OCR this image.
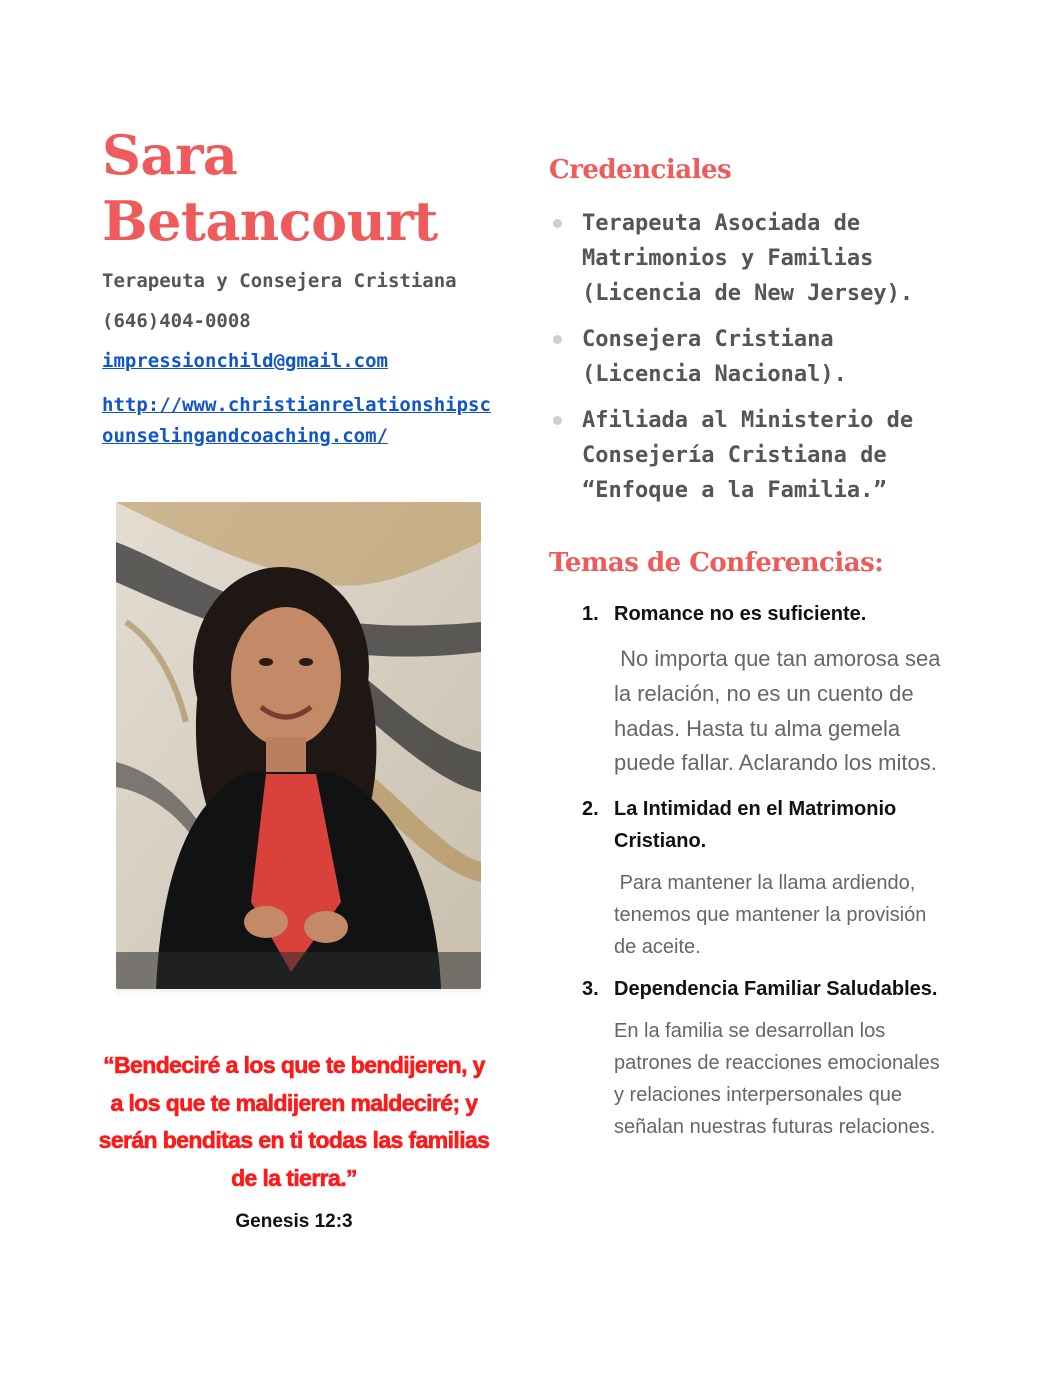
Sara
Betancourt
Terapeuta y Consejera Cristiana
(646)404-0008
impressionchild@gmail.com
http://www.christianrelationshipscounselingandcoaching.com/
“Bendeciré a los que te bendijeren, y a los que te maldijeren maldeciré; y serán benditas en ti todas las familias de la tierra.”
Genesis 12:3
Credenciales
Terapeuta Asociada de Matrimonios y Familias (Licencia de New Jersey).
Consejera Cristiana (Licencia Nacional).
Afiliada al Ministerio de Consejería Cristiana de “Enfoque a la Familia.”
Temas de Conferencias:
1. Romance no es suficiente.
No importa que tan amorosa sea la relación, no es un cuento de hadas. Hasta tu alma gemela puede fallar. Aclarando los mitos.
2. La Intimidad en el Matrimonio Cristiano.
Para mantener la llama ardiendo, tenemos que mantener la provisión de aceite.
3. Dependencia Familiar Saludables.
En la familia se desarrollan los patrones de reacciones emocionales y relaciones interpersonales que señalan nuestras futuras relaciones.
